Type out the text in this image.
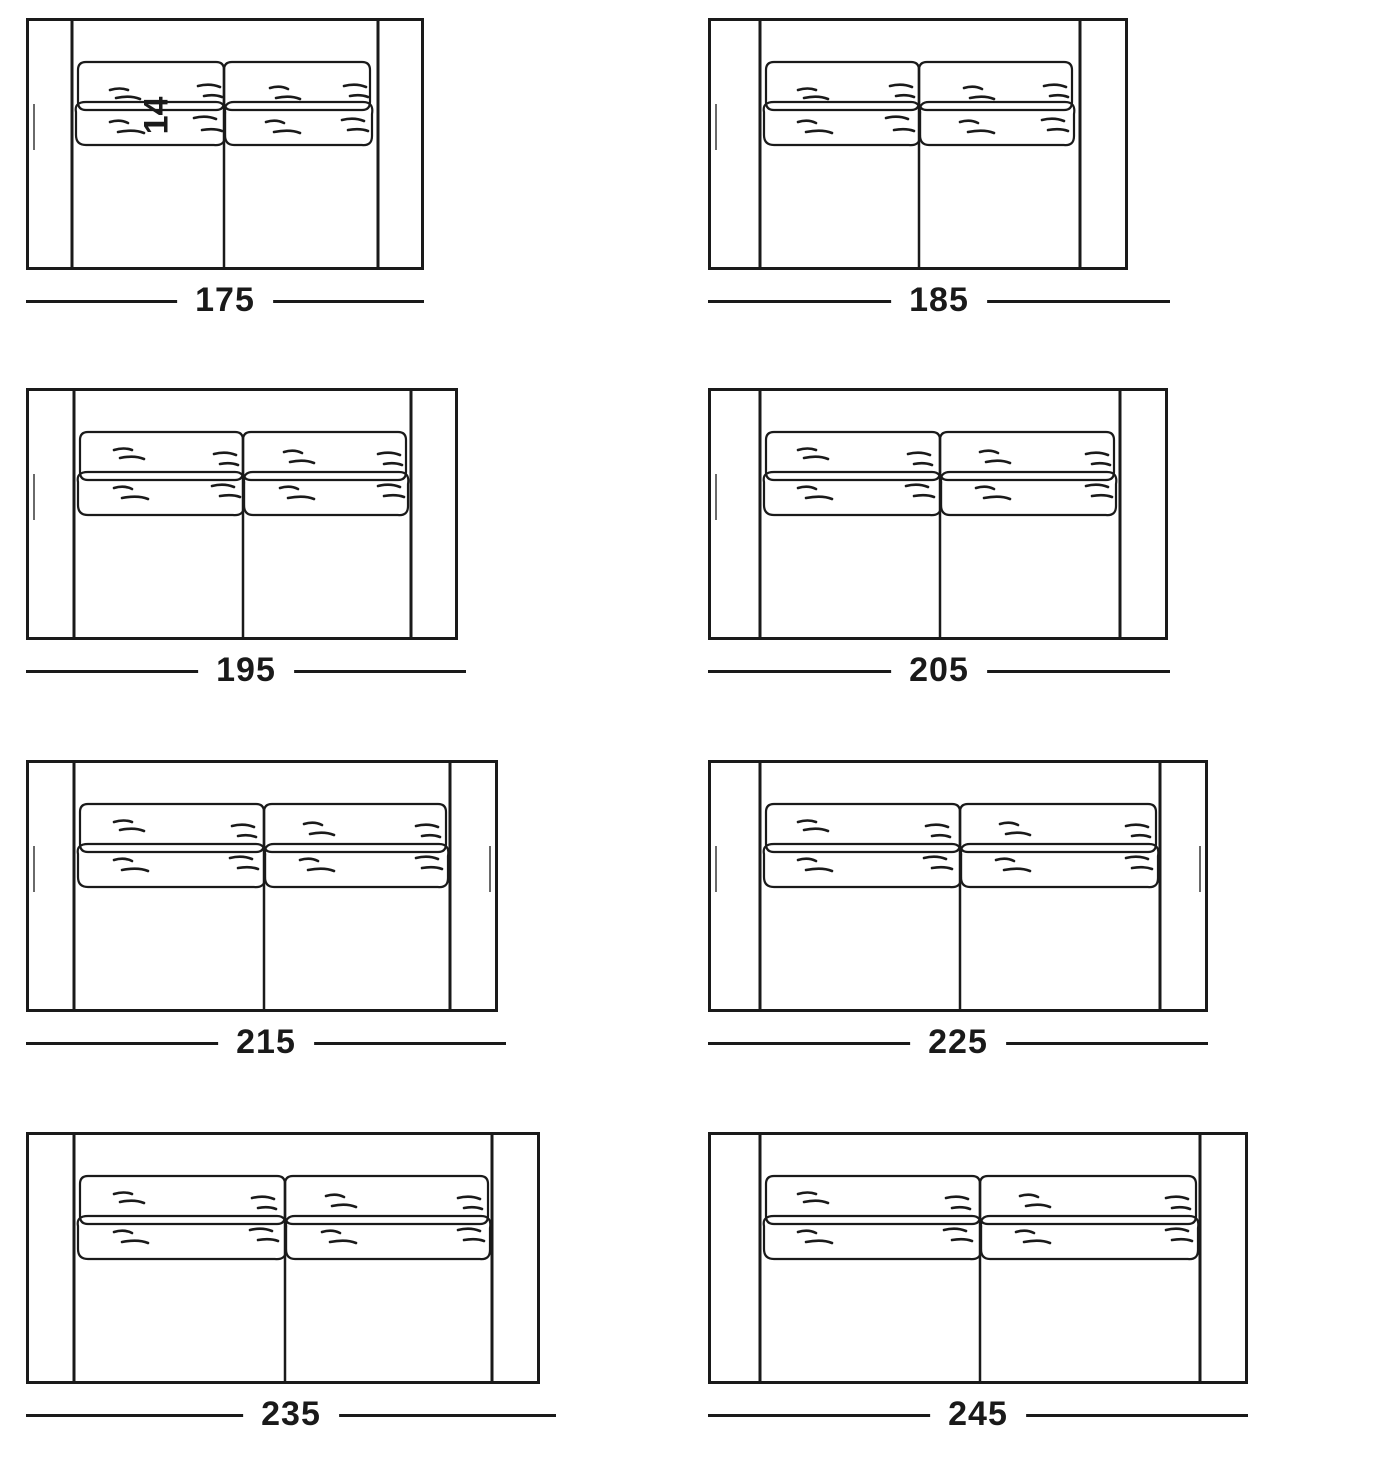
14
175	185
195	205
215	225
235	245
